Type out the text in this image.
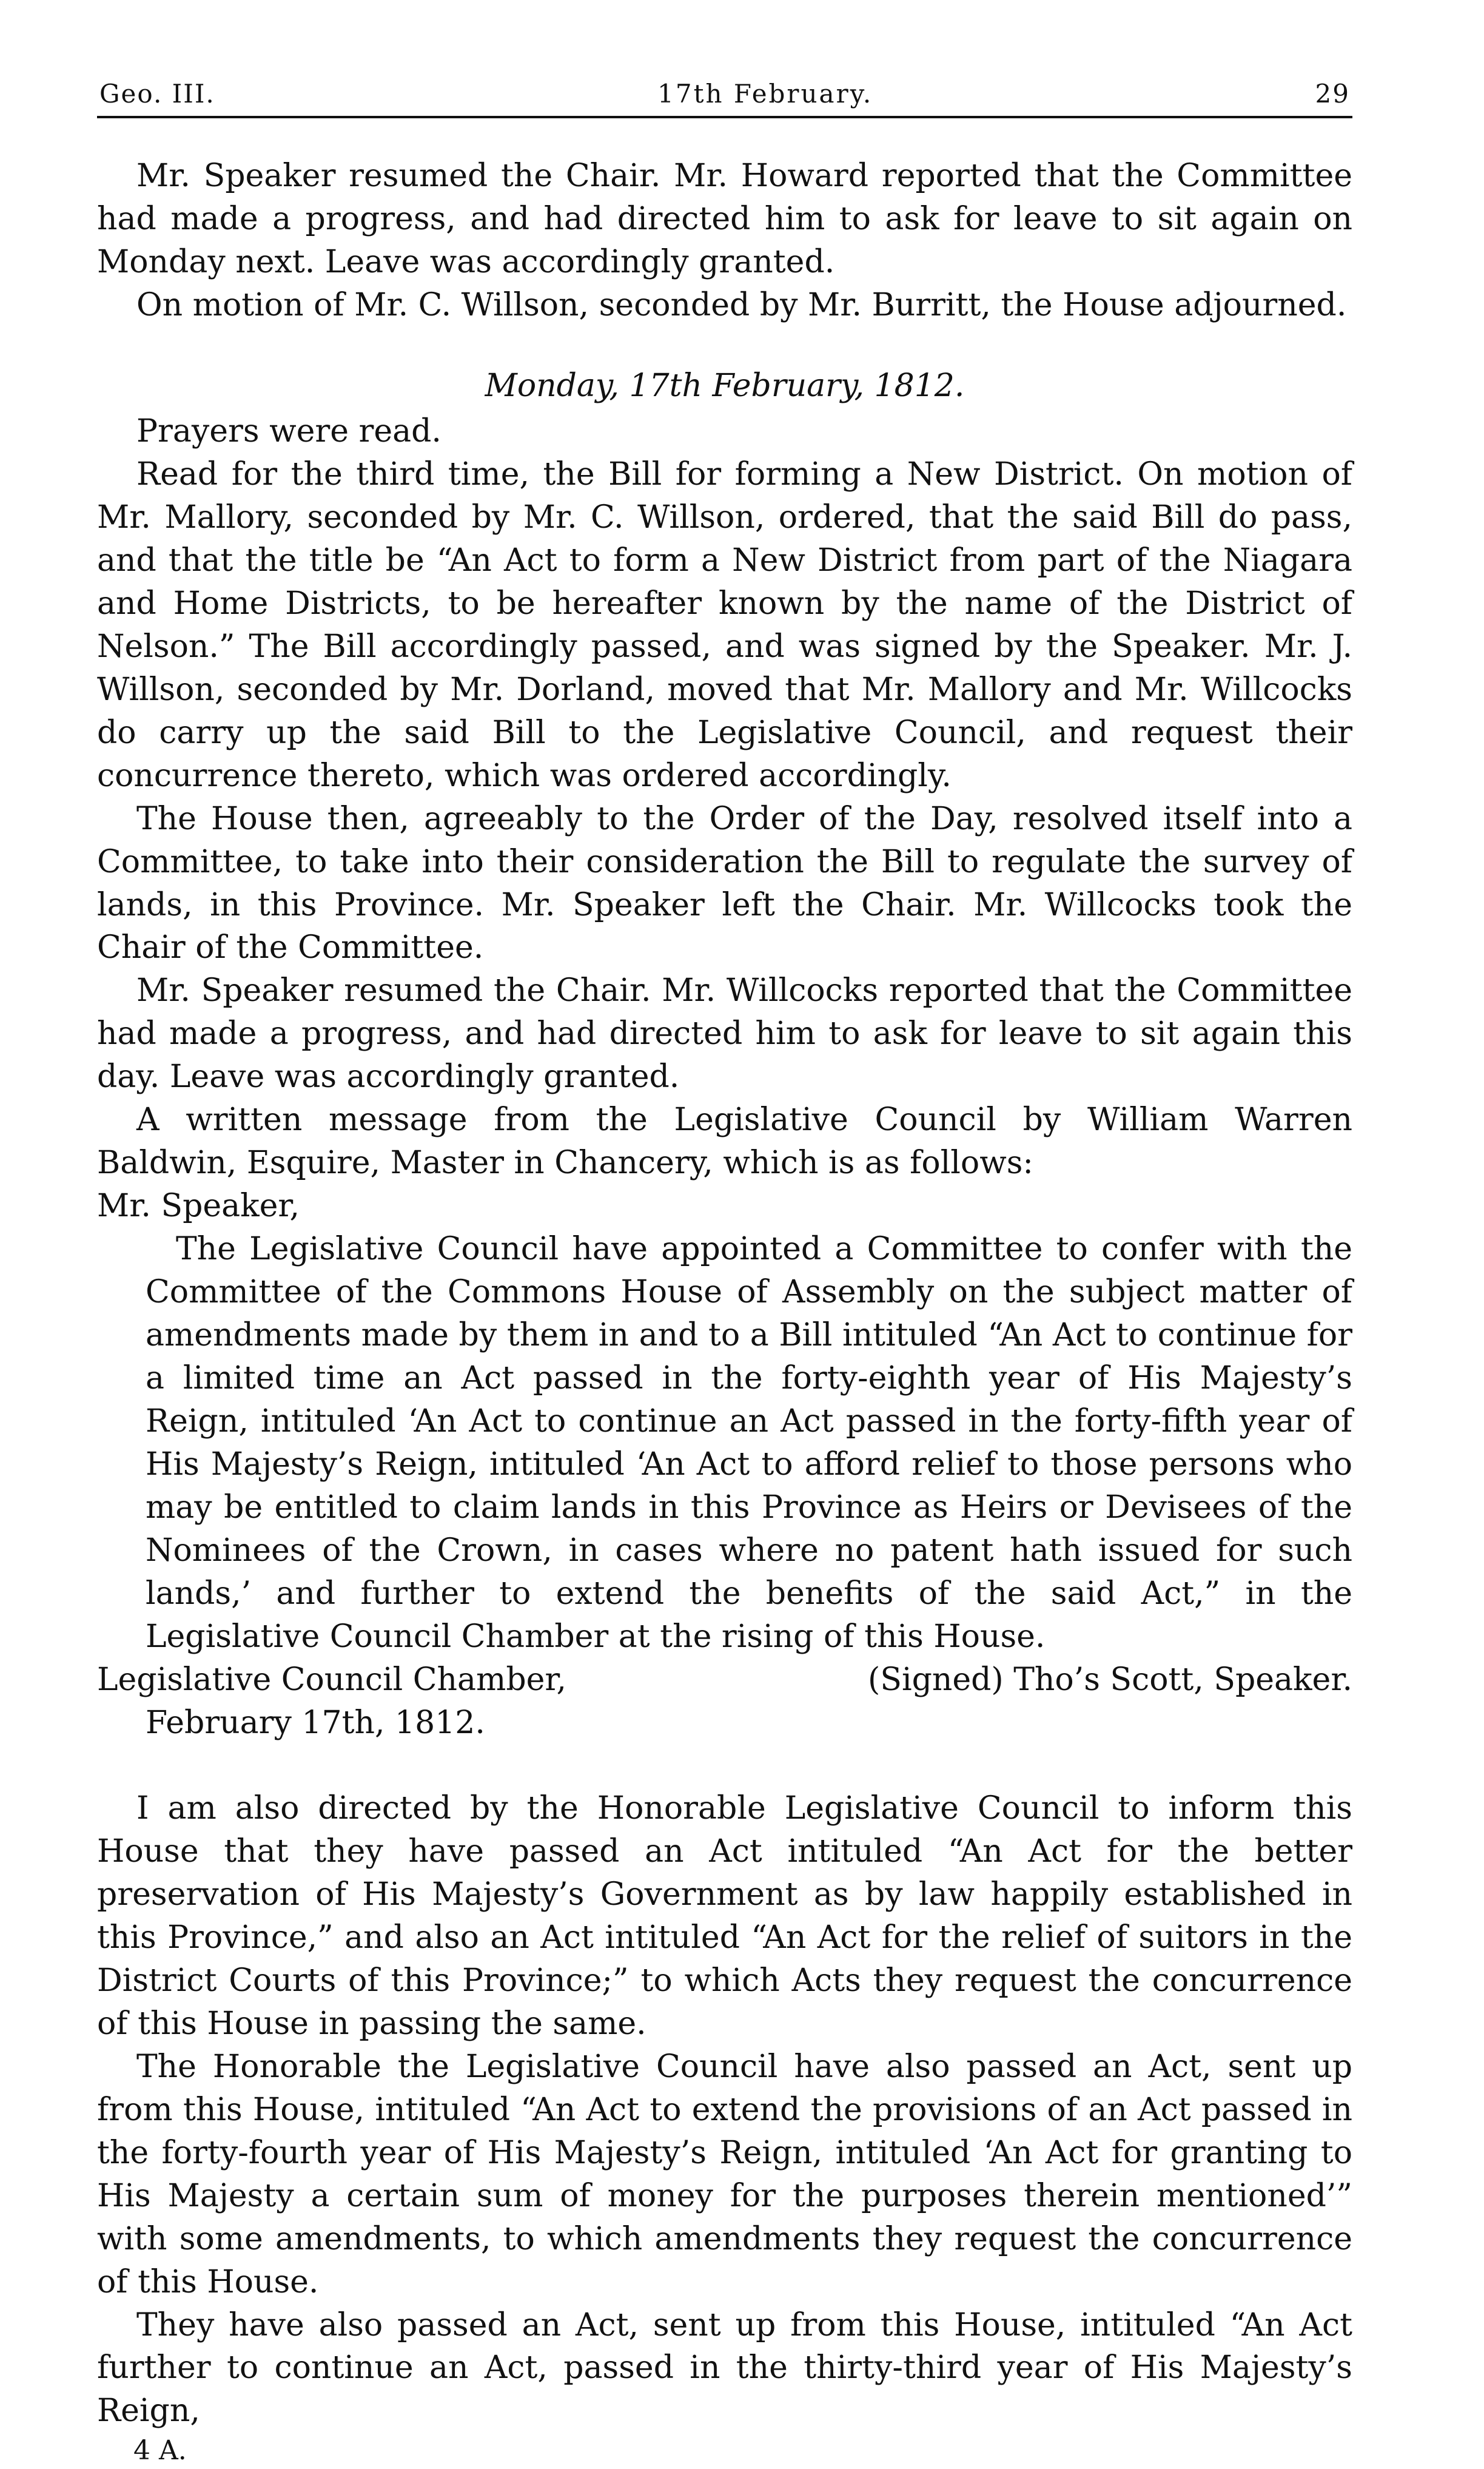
Geo. III.	17th February.	29

Mr. Speaker resumed the Chair. Mr. Howard reported that the Committee had made a progress, and had directed him to ask for leave to sit again on Monday next. Leave was accordingly granted.

On motion of Mr. C. Willson, seconded by Mr. Burritt, the House adjourned.

Monday, 17th February, 1812.

Prayers were read.

Read for the third time, the Bill for forming a New District. On motion of Mr. Mallory, seconded by Mr. C. Willson, ordered, that the said Bill do pass, and that the title be “An Act to form a New District from part of the Niagara and Home Districts, to be hereafter known by the name of the District of Nelson.” The Bill accordingly passed, and was signed by the Speaker. Mr. J. Willson, seconded by Mr. Dorland, moved that Mr. Mallory and Mr. Willcocks do carry up the said Bill to the Legislative Council, and request their concurrence thereto, which was ordered accordingly.

The House then, agreeably to the Order of the Day, resolved itself into a Committee, to take into their consideration the Bill to regulate the survey of lands, in this Province. Mr. Speaker left the Chair. Mr. Willcocks took the Chair of the Committee.

Mr. Speaker resumed the Chair. Mr. Willcocks reported that the Committee had made a progress, and had directed him to ask for leave to sit again this day. Leave was accordingly granted.

A written message from the Legislative Council by William Warren Baldwin, Esquire, Master in Chancery, which is as follows:

Mr. Speaker,

The Legislative Council have appointed a Committee to confer with the Committee of the Commons House of Assembly on the subject matter of amendments made by them in and to a Bill intituled “An Act to continue for a limited time an Act passed in the forty-eighth year of His Majesty’s Reign, intituled ‘An Act to continue an Act passed in the forty-fifth year of His Majesty’s Reign, intituled ‘An Act to afford relief to those persons who may be entitled to claim lands in this Province as Heirs or Devisees of the Nominees of the Crown, in cases where no patent hath issued for such lands,’ and further to extend the benefits of the said Act,” in the Legislative Council Chamber at the rising of this House.

Legislative Council Chamber,	(Signed) Tho’s Scott, Speaker.

February 17th, 1812.

I am also directed by the Honorable Legislative Council to inform this House that they have passed an Act intituled “An Act for the better preservation of His Majesty’s Government as by law happily established in this Province,” and also an Act intituled “An Act for the relief of suitors in the District Courts of this Province;” to which Acts they request the concurrence of this House in passing the same.

The Honorable the Legislative Council have also passed an Act, sent up from this House, intituled “An Act to extend the provisions of an Act passed in the forty-fourth year of His Majesty’s Reign, intituled ‘An Act for granting to His Majesty a certain sum of money for the purposes therein mentioned’” with some amendments, to which amendments they request the concurrence of this House.

They have also passed an Act, sent up from this House, intituled “An Act further to continue an Act, passed in the thirty-third year of His Majesty’s Reign,

4 A.
